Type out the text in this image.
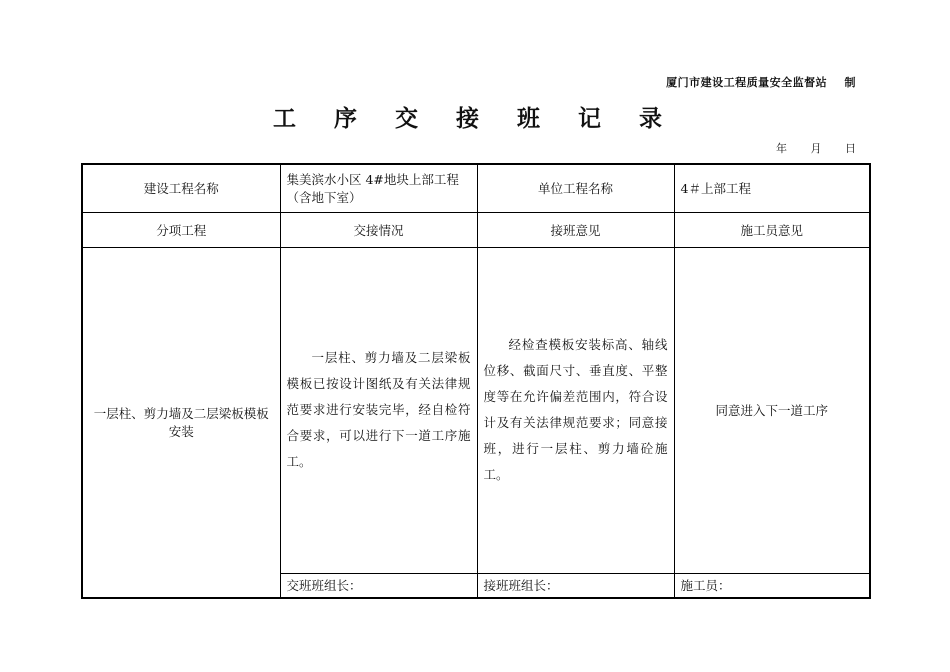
厦门市建设工程质量安全监督站    制
工 序 交 接 班 记 录
年 月 日
建设工程名称	集美滨水小区 4#地块上部工程（含地下室）	单位工程名称	4＃上部工程
分项工程	交接情况	接班意见	施工员意见
一层柱、剪力墙及二层梁板模板安装	一层柱、剪力墙及二层梁板模板已按设计图纸及有关法律规范要求进行安装完毕，经自检符合要求，可以进行下一道工序施工。	经检查模板安装标高、轴线位移、截面尺寸、垂直度、平整度等在允许偏差范围内，符合设计及有关法律规范要求；同意接班，进行一层柱、剪力墙砼施工。	同意进入下一道工序
	交班班组长：	接班班组长：	施工员：
